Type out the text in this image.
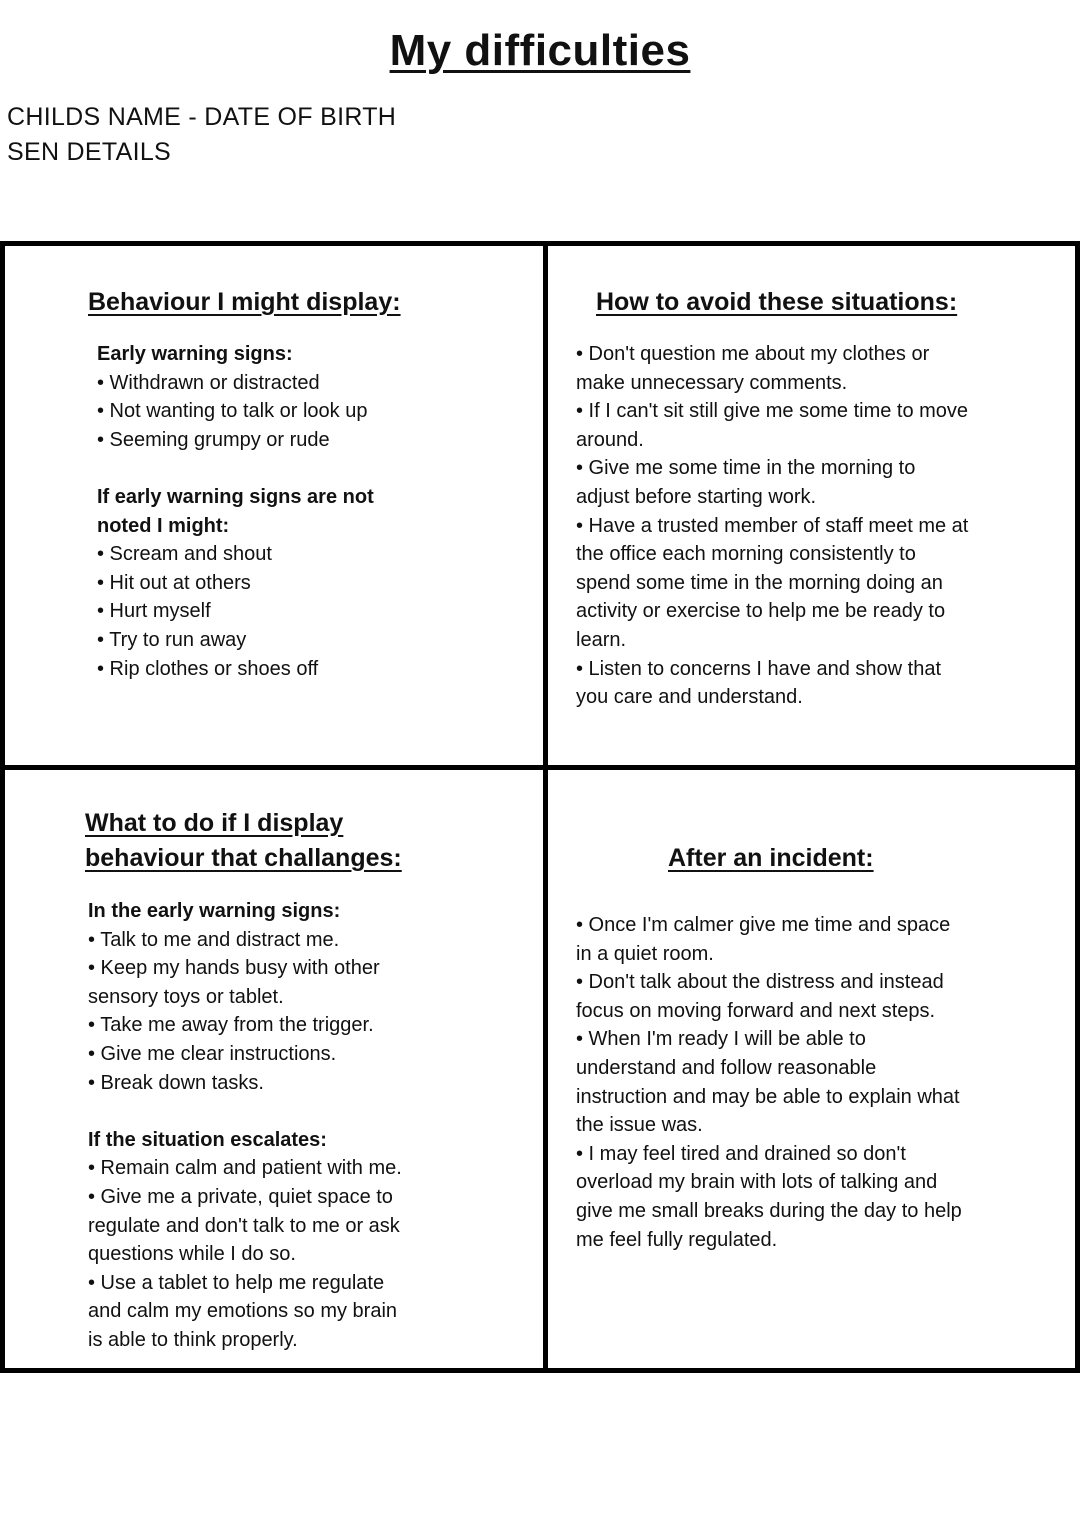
My difficulties
CHILDS NAME - DATE OF BIRTH
SEN DETAILS
Behaviour I might display:
Early warning signs:
• Withdrawn or distracted
• Not wanting to talk or look up
• Seeming grumpy or rude
If early warning signs are not
noted I might:
• Scream and shout
• Hit out at others
• Hurt myself
• Try to run away
• Rip clothes or shoes off
How to avoid these situations:
• Don't question me about my clothes or
make unnecessary comments.
• If I can't sit still give me some time to move
around.
• Give me some time in the morning to
adjust before starting work.
• Have a trusted member of staff meet me at
the office each morning consistently to
spend some time in the morning doing an
activity or exercise to help me be ready to
learn.
• Listen to concerns I have and show that
you care and understand.
What to do if I display
behaviour that challanges:
In the early warning signs:
• Talk to me and distract me.
• Keep my hands busy with other
sensory toys or tablet.
• Take me away from the trigger.
• Give me clear instructions.
• Break down tasks.
If the situation escalates:
• Remain calm and patient with me.
• Give me a private, quiet space to
regulate and don't talk to me or ask
questions while I do so.
• Use a tablet to help me regulate
and calm my emotions so my brain
is able to think properly.
After an incident:
• Once I'm calmer give me time and space
in a quiet room.
• Don't talk about the distress and instead
focus on moving forward and next steps.
• When I'm ready I will be able to
understand and follow reasonable
instruction and may be able to explain what
the issue was.
• I may feel tired and drained so don't
overload my brain with lots of talking and
give me small breaks during the day to help
me feel fully regulated.
